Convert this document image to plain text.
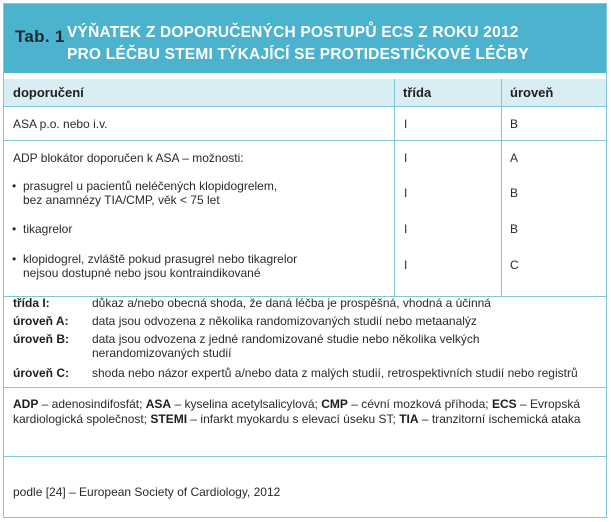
Tab. 1 VÝŇATEK Z DOPORUČENÝCH POSTUPŮ ECS Z ROKU 2012
PRO LÉČBU STEMI TÝKAJÍCÍ SE PROTIDESTIČKOVÉ LÉČBY
doporučení	třída	úroveň
ASA p.o. nebo i.v.	I	B
ADP blokátor doporučen k ASA – možnosti:	I	A
• prasugrel u pacientů neléčených klopidogrelem,
bez anamnézy TIA/CMP, věk < 75 let	I	B
• tikagrelor	I	B
• klopidogrel, zvláště pokud prasugrel nebo tikagrelor
nejsou dostupné nebo jsou kontraindikované
I	C
třída I:	důkaz a/nebo obecná shoda, že daná léčba je prospěšná, vhodná a účinná
úroveň A: data jsou odvozena z několika randomizovaných studií nebo metaanalýz
úroveň B: data jsou odvozena z jedné randomizované studie nebo několika velkých
nerandomizovaných studií
úroveň C: shoda nebo názor expertů a/nebo data z malých studií, retrospektivních studií nebo registrů
ADP – adenosindifosfát; ASA – kyselina acetylsalicylová; CMP – cévní mozková příhoda; ECS – Evropská kardiologická společnost; STEMI – infarkt myokardu s elevací úseku ST; TIA – tranzitorní ischemická ataka
podle [24] – European Society of Cardiology, 2012
